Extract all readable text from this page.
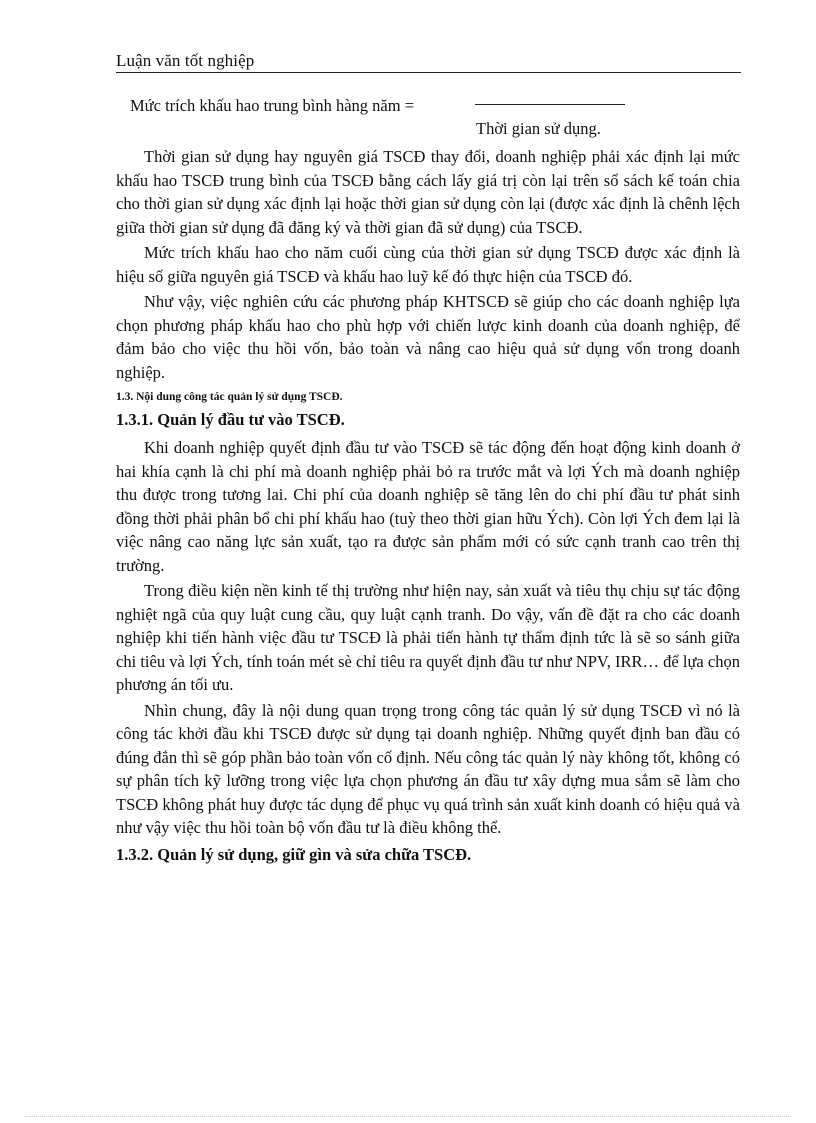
Luận văn tốt nghiệp
Mức trích khấu hao trung bình hàng năm =
Thời gian sử dụng.

Thời gian sử dụng hay nguyên giá TSCĐ thay đổi, doanh nghiệp phải xác định lại mức khấu hao TSCĐ trung bình của TSCĐ bằng cách lấy giá trị còn lại trên sổ sách kế toán chia cho thời gian sử dụng xác định lại hoặc thời gian sử dụng còn lại (được xác định là chênh lệch giữa thời gian sử dụng đã đăng ký và thời gian đã sử dụng) của TSCĐ.

Mức trích khấu hao cho năm cuối cùng của thời gian sử dụng TSCĐ được xác định là hiệu số giữa nguyên giá TSCĐ và khấu hao luỹ kế đó thực hiện của TSCĐ đó.

Như vậy, việc nghiên cứu các phương pháp KHTSCĐ sẽ giúp cho các doanh nghiệp lựa chọn phương pháp khấu hao cho phù hợp với chiến lược kinh doanh của doanh nghiệp, để đảm bảo cho việc thu hồi vốn, bảo toàn và nâng cao hiệu quả sử dụng vốn trong doanh nghiệp.

1.3. Nội dung công tác quản lý sử dụng TSCĐ.
1.3.1. Quản lý đầu tư vào TSCĐ.

Khi doanh nghiệp quyết định đầu tư vào TSCĐ sẽ tác động đến hoạt động kinh doanh ở hai khía cạnh là chi phí mà doanh nghiệp phải bỏ ra trước mắt và lợi Ých mà doanh nghiệp thu được trong tương lai. Chi phí của doanh nghiệp sẽ tăng lên do chi phí đầu tư phát sinh đồng thời phải phân bổ chi phí khấu hao (tuỳ theo thời gian hữu Ých). Còn lợi Ých đem lại là việc nâng cao năng lực sản xuất, tạo ra được sản phẩm mới có sức cạnh tranh cao trên thị trường.

Trong điều kiện nền kinh tế thị trường như hiện nay, sản xuất và tiêu thụ chịu sự tác động nghiệt ngã của quy luật cung cầu, quy luật cạnh tranh. Do vậy, vấn đề đặt ra cho các doanh nghiệp khi tiến hành việc đầu tư TSCĐ là phải tiến hành tự thẩm định tức là sẽ so sánh giữa chi tiêu và lợi Ých, tính toán mét sè chỉ tiêu ra quyết định đầu tư như NPV, IRR… để lựa chọn phương án tối ưu.

Nhìn chung, đây là nội dung quan trọng trong công tác quản lý sử dụng TSCĐ vì nó là công tác khởi đầu khi TSCĐ được sử dụng tại doanh nghiệp. Những quyết định ban đầu có đúng đắn thì sẽ góp phần bảo toàn vốn cố định. Nếu công tác quản lý này không tốt, không có sự phân tích kỹ lưỡng trong việc lựa chọn phương án đầu tư xây dựng mua sắm sẽ làm cho TSCĐ không phát huy được tác dụng để phục vụ quá trình sản xuất kinh doanh có hiệu quả và như vậy việc thu hồi toàn bộ vốn đầu tư là điều không thể.

1.3.2. Quản lý sử dụng, giữ gìn và sửa chữa TSCĐ.
